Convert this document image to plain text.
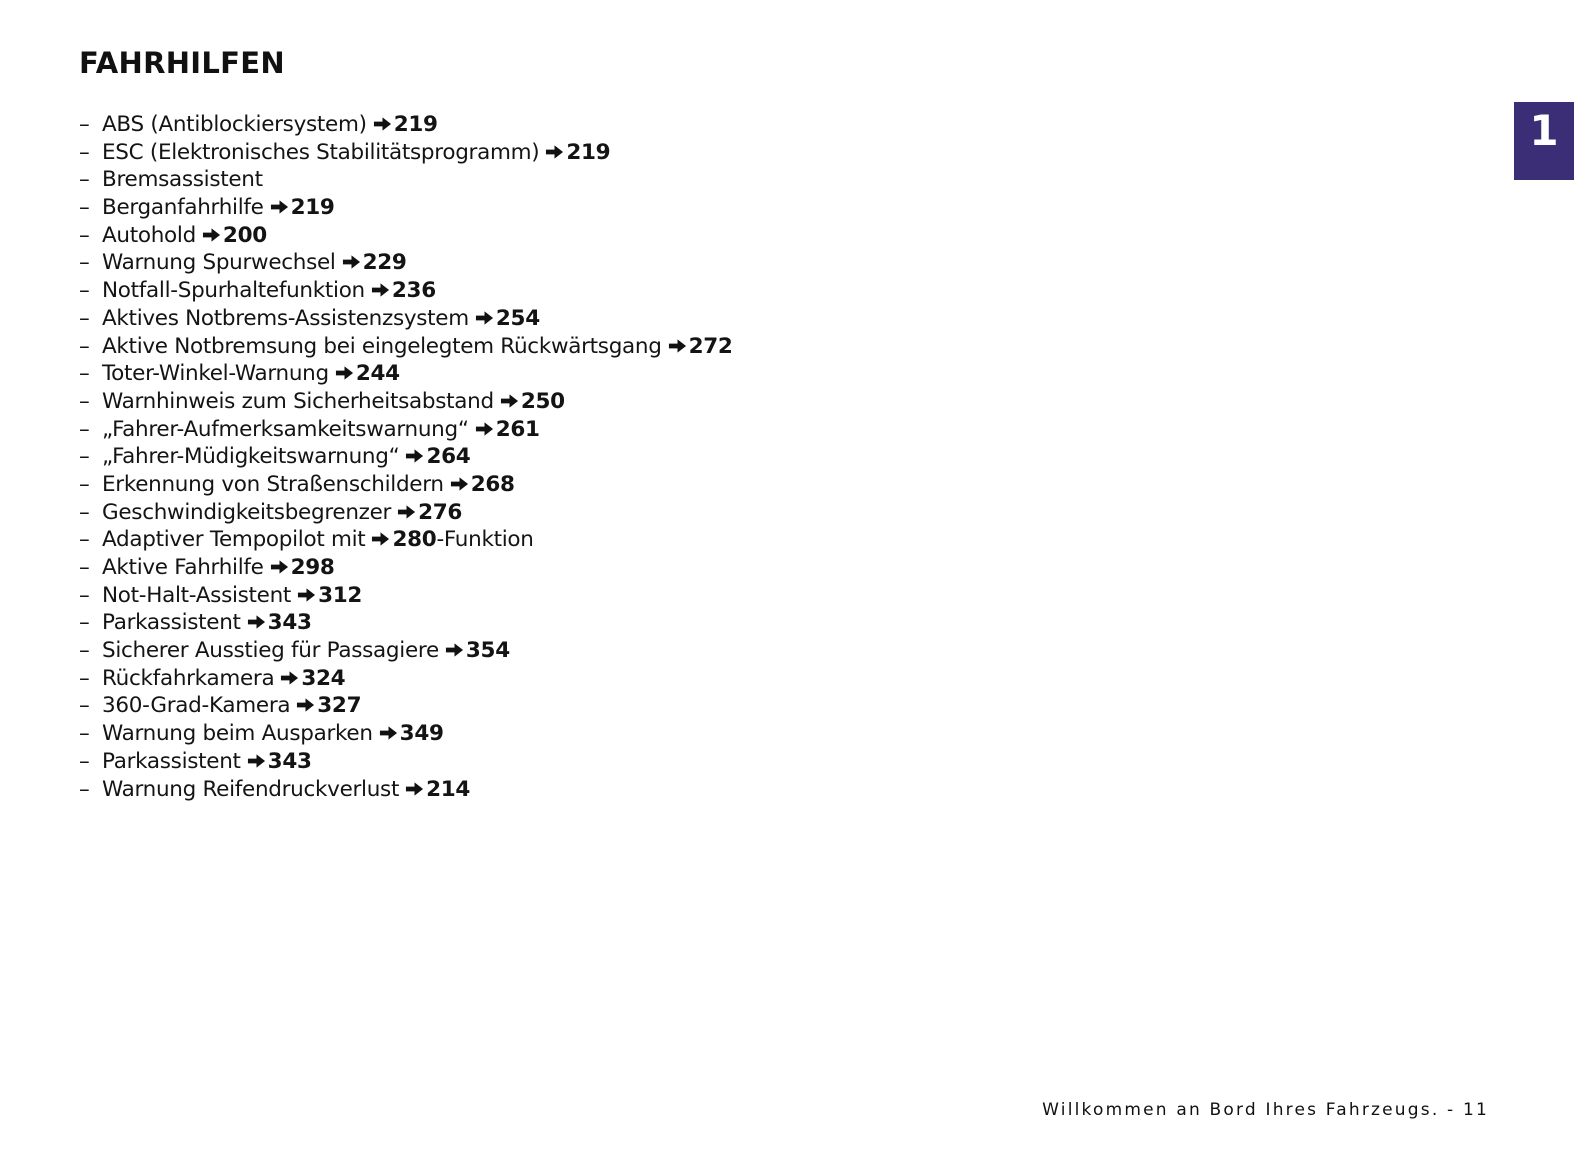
FAHRHILFEN
– ABS (Antiblockiersystem) 219
– ESC (Elektronisches Stabilitätsprogramm) 219
– Bremsassistent
– Berganfahrhilfe 219
– Autohold 200
– Warnung Spurwechsel 229
– Notfall-Spurhaltefunktion 236
– Aktives Notbrems-Assistenzsystem 254
– Aktive Notbremsung bei eingelegtem Rückwärtsgang 272
– Toter-Winkel-Warnung 244
– Warnhinweis zum Sicherheitsabstand 250
– „Fahrer-Aufmerksamkeitswarnung“ 261
– „Fahrer-Müdigkeitswarnung“ 264
– Erkennung von Straßenschildern 268
– Geschwindigkeitsbegrenzer 276
– Adaptiver Tempopilot mit 280-Funktion
– Aktive Fahrhilfe 298
– Not-Halt-Assistent 312
– Parkassistent 343
– Sicherer Ausstieg für Passagiere 354
– Rückfahrkamera 324
– 360-Grad-Kamera 327
– Warnung beim Ausparken 349
– Parkassistent 343
– Warnung Reifendruckverlust 214
1
Willkommen an Bord Ihres Fahrzeugs. - 11
